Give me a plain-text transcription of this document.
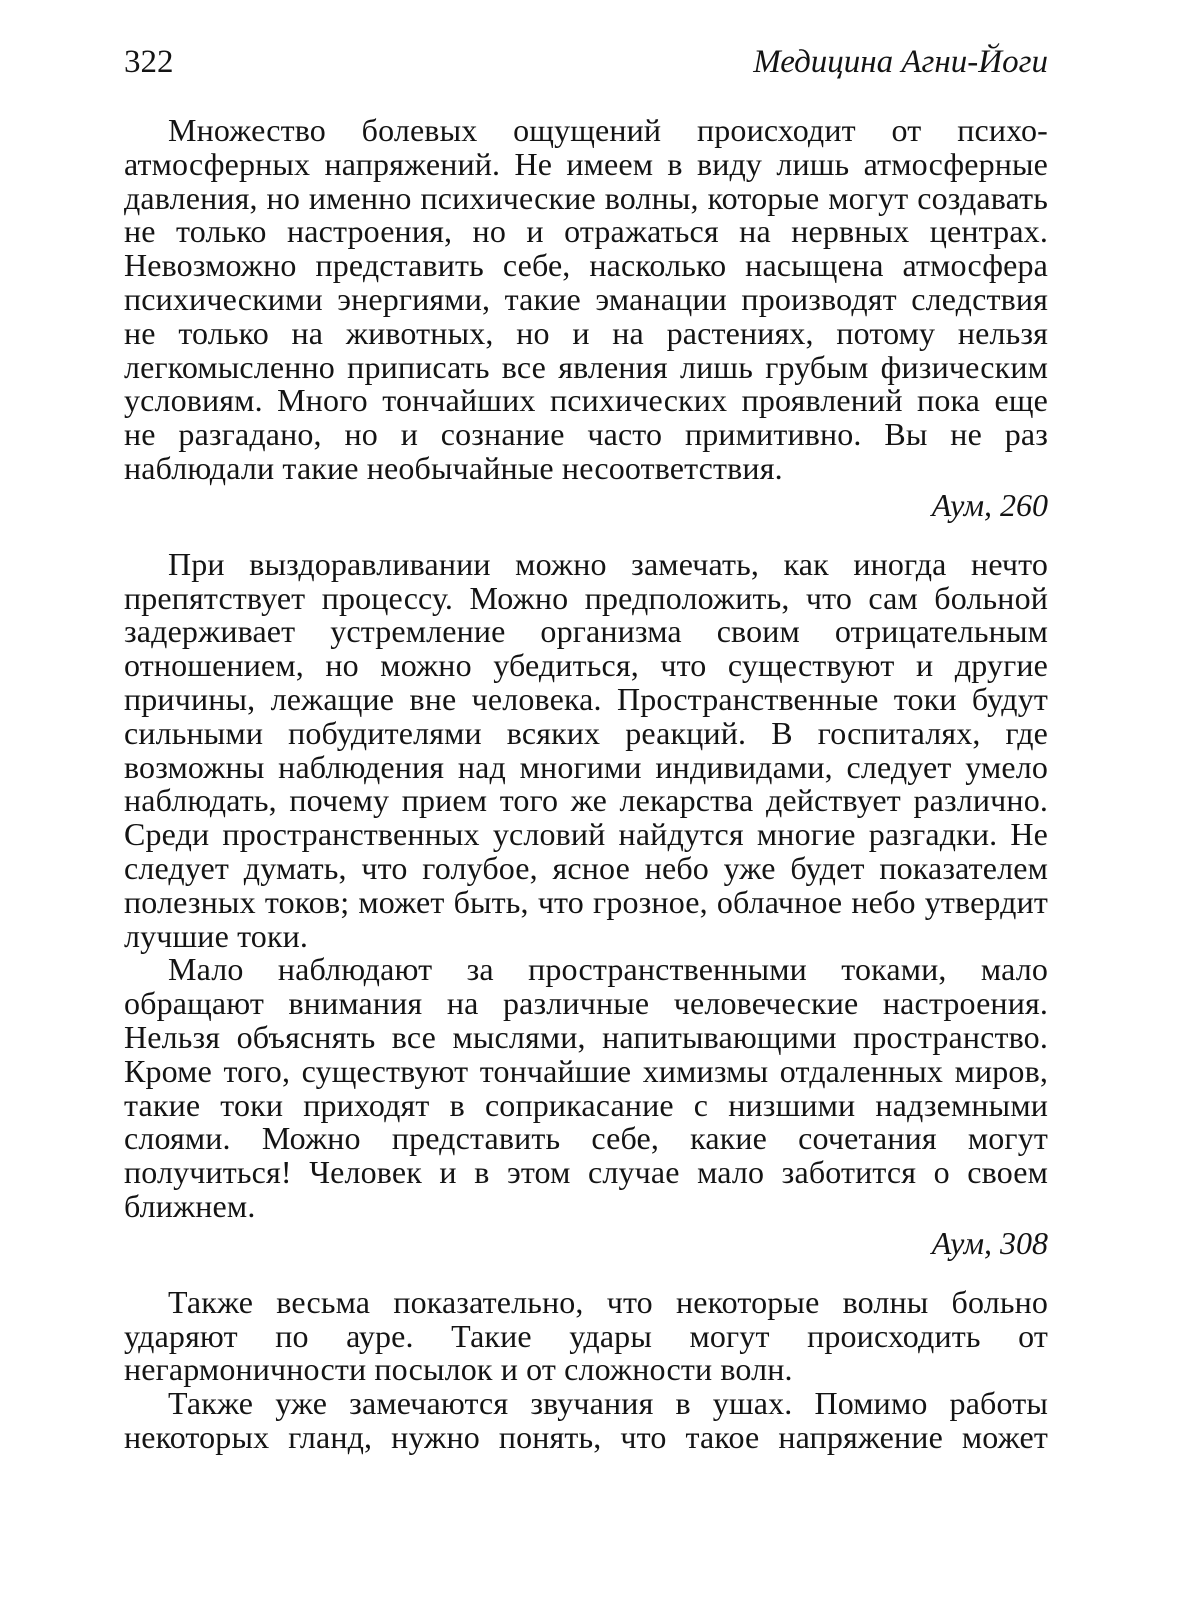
322	Медицина Агни-Йоги

Множество болевых ощущений происходит от психо-атмосферных напряжений. Не имеем в виду лишь атмосферные давления, но именно психические волны, которые могут создавать не только настроения, но и отражаться на нервных центрах. Невозможно представить себе, насколько насыщена атмосфера психическими энергиями, такие эманации производят следствия не только на животных, но и на растениях, потому нельзя легкомысленно приписать все явления лишь грубым физическим условиям. Много тончайших психических проявлений пока еще не разгадано, но и сознание часто примитивно. Вы не раз наблюдали такие необычайные несоответствия.

Аум, 260

При выздоравливании можно замечать, как иногда нечто препятствует процессу. Можно предположить, что сам больной задерживает устремление организма своим отрицательным отношением, но можно убедиться, что существуют и другие причины, лежащие вне человека. Пространственные токи будут сильными побудителями всяких реакций. В госпиталях, где возможны наблюдения над многими индивидами, следует умело наблюдать, почему прием того же лекарства действует различно. Среди пространственных условий найдутся многие разгадки. Не следует думать, что голубое, ясное небо уже будет показателем полезных токов; может быть, что грозное, облачное небо утвердит лучшие токи.

Мало наблюдают за пространственными токами, мало обращают внимания на различные человеческие настроения. Нельзя объяснять все мыслями, напитывающими пространство. Кроме того, существуют тончайшие химизмы отдаленных миров, такие токи приходят в соприкасание с низшими надземными слоями. Можно представить себе, какие сочетания могут получиться! Человек и в этом случае мало заботится о своем ближнем.

Аум, 308

Также весьма показательно, что некоторые волны больно ударяют по ауре. Такие удары могут происходить от негармоничности посылок и от сложности волн.

Также уже замечаются звучания в ушах. Помимо работы некоторых гланд, нужно понять, что такое напряжение может
